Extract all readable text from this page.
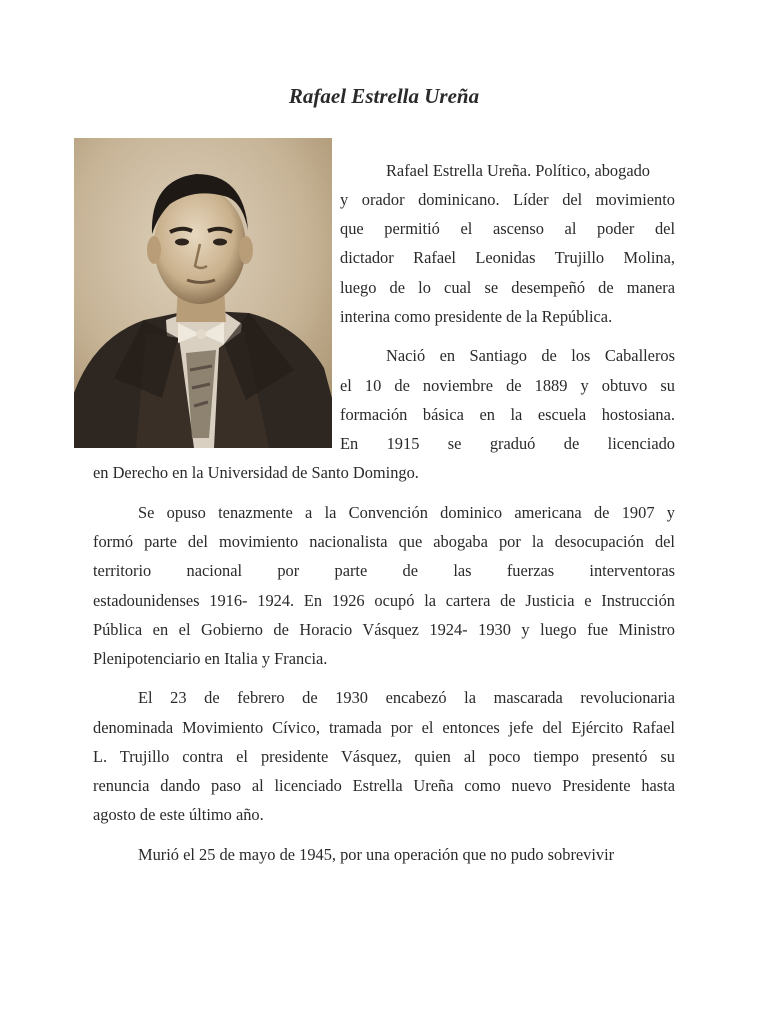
Rafael Estrella Ureña
Rafael Estrella Ureña. Político, abogado
y orador dominicano. Líder del movimiento
que permitió el ascenso al poder del
dictador Rafael Leonidas Trujillo Molina,
luego de lo cual se desempeñó de manera
interina como presidente de la República.
Nació en Santiago de los Caballeros
el 10 de noviembre de 1889 y obtuvo su
formación básica en la escuela hostosiana.
En 1915 se graduó de licenciado
en Derecho en la Universidad de Santo Domingo.
Se opuso tenazmente a la Convención dominico americana de 1907 y
formó parte del movimiento nacionalista que abogaba por la desocupación del
territorio nacional por parte de las fuerzas interventoras
estadounidenses 1916- 1924. En 1926 ocupó la cartera de Justicia e Instrucción
Pública en el Gobierno de Horacio Vásquez 1924- 1930 y luego fue Ministro
Plenipotenciario en Italia y Francia.
El 23 de febrero de 1930 encabezó la mascarada revolucionaria
denominada Movimiento Cívico, tramada por el entonces jefe del Ejército Rafael
L. Trujillo contra el presidente Vásquez, quien al poco tiempo presentó su
renuncia dando paso al licenciado Estrella Ureña como nuevo Presidente hasta
agosto de este último año.
Murió el 25 de mayo de 1945, por una operación que no pudo sobrevivir
